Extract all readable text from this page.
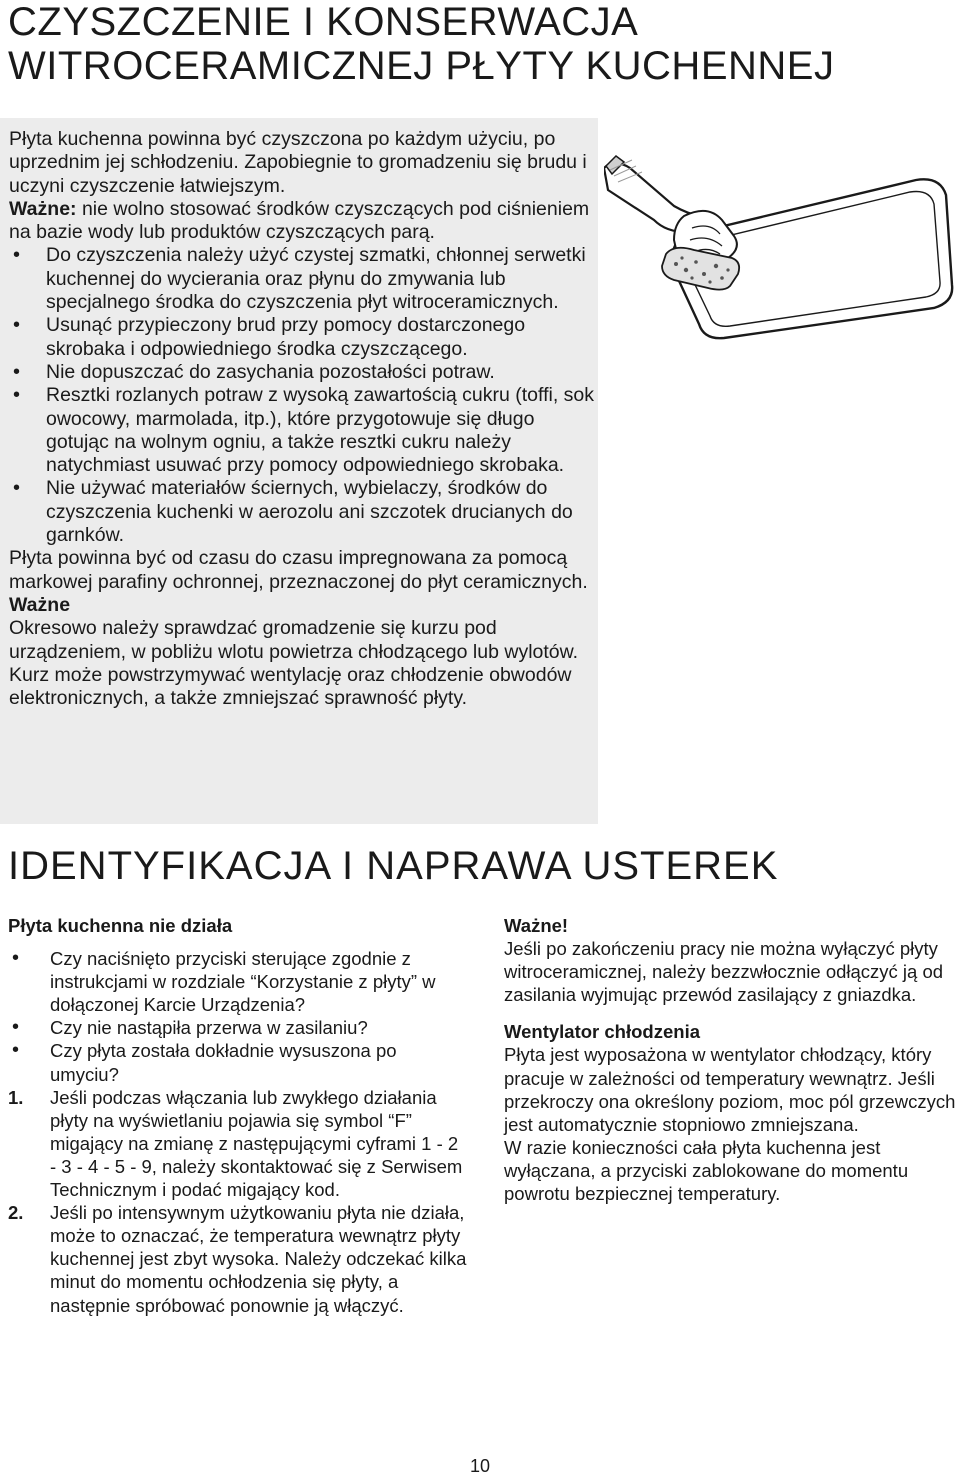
CZYSZCZENIE I KONSERWACJA
WITROCERAMICZNEJ PŁYTY KUCHENNEJ

Płyta kuchenna powinna być czyszczona po każdym użyciu, po uprzednim jej schłodzeniu. Zapobiegnie to gromadzeniu się brudu i uczyni czyszczenie łatwiejszym.

Ważne: nie wolno stosować środków czyszczących pod ciśnieniem na bazie wody lub produktów czyszczących parą.

• Do czyszczenia należy użyć czystej szmatki, chłonnej serwetki kuchennej do wycierania oraz płynu do zmywania lub specjalnego środka do czyszczenia płyt witroceramicznych.
• Usunąć przypieczony brud przy pomocy dostarczonego skrobaka i odpowiedniego środka czyszczącego.
• Nie dopuszczać do zasychania pozostałości potraw.
• Resztki rozlanych potraw z wysoką zawartością cukru (toffi, sok owocowy, marmolada, itp.), które przygotowuje się długo gotując na wolnym ogniu, a także resztki cukru należy natychmiast usuwać przy pomocy odpowiedniego skrobaka.
• Nie używać materiałów ściernych, wybielaczy, środków do czyszczenia kuchenki w aerozolu ani szczotek drucianych do garnków.

Płyta powinna być od czasu do czasu impregnowana za pomocą markowej parafiny ochronnej, przeznaczonej do płyt ceramicznych.

Ważne

Okresowo należy sprawdzać gromadzenie się kurzu pod urządzeniem, w pobliżu wlotu powietrza chłodzącego lub wylotów. Kurz może powstrzymywać wentylację oraz chłodzenie obwodów elektronicznych, a także zmniejszać sprawność płyty.

IDENTYFIKACJA I NAPRAWA USTEREK
Płyta kuchenna nie działa
• Czy naciśnięto przyciski sterujące zgodnie z instrukcjami w rozdziale “Korzystanie z płyty” w dołączonej Karcie Urządzenia?
• Czy nie nastąpiła przerwa w zasilaniu?
• Czy płyta została dokładnie wysuszona po umyciu?
1. Jeśli podczas włączania lub zwykłego działania płyty na wyświetlaniu pojawia się symbol “F” migający na zmianę z następującymi cyframi 1 - 2 - 3 - 4 - 5 - 9, należy skontaktować się z Serwisem Technicznym i podać migający kod.
2. Jeśli po intensywnym użytkowaniu płyta nie działa, może to oznaczać, że temperatura wewnątrz płyty kuchennej jest zbyt wysoka. Należy odczekać kilka minut do momentu ochłodzenia się płyty, a następnie spróbować ponownie ją włączyć.

Ważne!

Jeśli po zakończeniu pracy nie można wyłączyć płyty witroceramicznej, należy bezzwłocznie odłączyć ją od zasilania wyjmując przewód zasilający z gniazdka.

Wentylator chłodzenia

Płyta jest wyposażona w wentylator chłodzący, który pracuje w zależności od temperatury wewnątrz. Jeśli przekroczy ona określony poziom, moc pól grzewczych jest automatycznie stopniowo zmniejszana.

W razie konieczności cała płyta kuchenna jest wyłączana, a przyciski zablokowane do momentu powrotu bezpiecznej temperatury.

10
